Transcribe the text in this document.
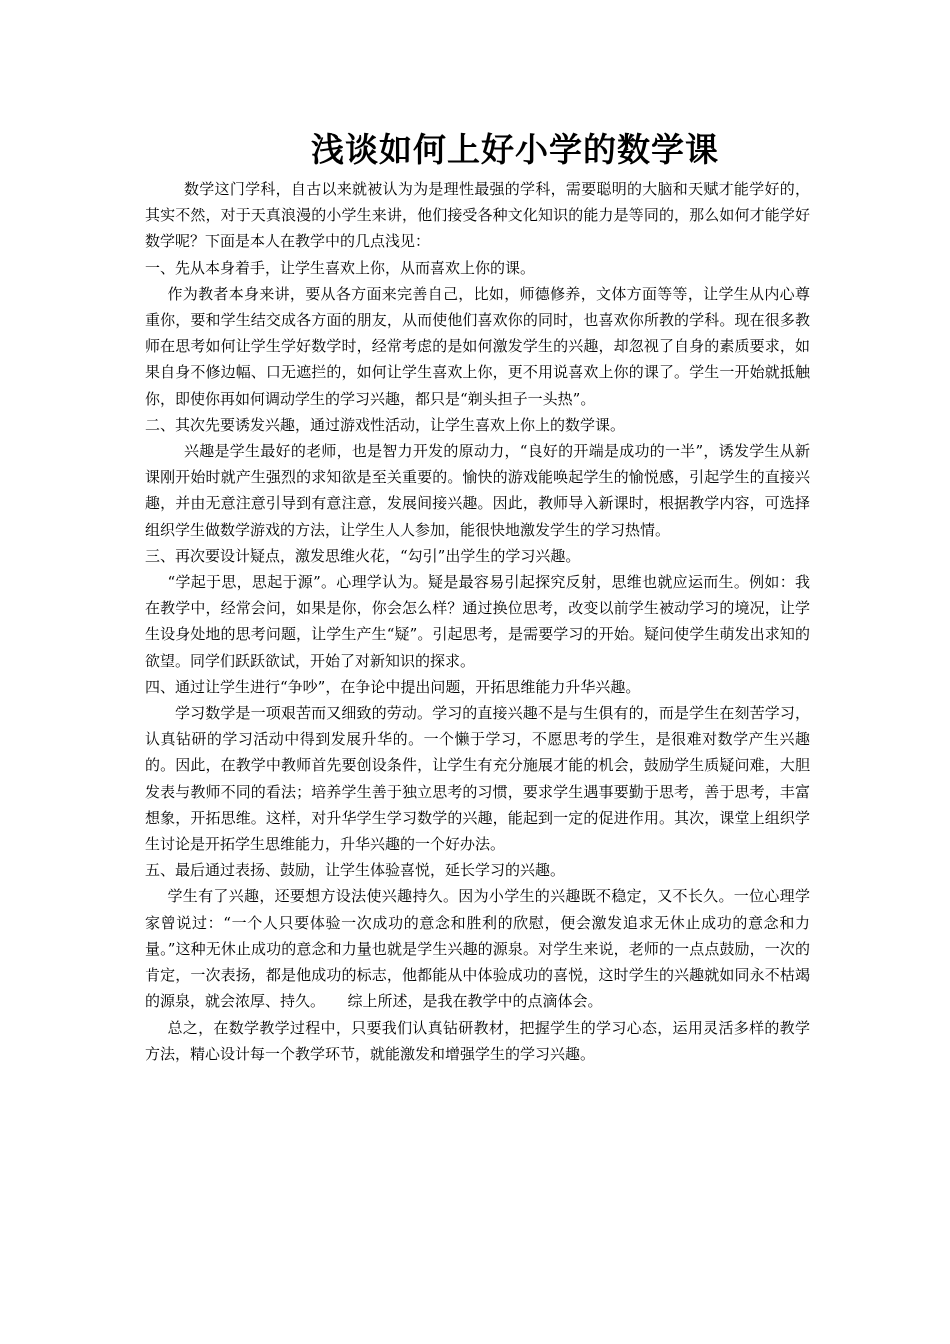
浅谈如何上好小学的数学课

数学这门学科，自古以来就被认为为是理性最强的学科，需要聪明的大脑和天赋才能学好的，其实不然，对于天真浪漫的小学生来讲，他们接受各种文化知识的能力是等同的，那么如何才能学好数学呢？下面是本人在教学中的几点浅见：

一、先从本身着手，让学生喜欢上你，从而喜欢上你的课。

作为教者本身来讲，要从各方面来完善自己，比如，师德修养，文体方面等等，让学生从内心尊重你，要和学生结交成各方面的朋友，从而使他们喜欢你的同时，也喜欢你所教的学科。现在很多教师在思考如何让学生学好数学时，经常考虑的是如何激发学生的兴趣，却忽视了自身的素质要求，如果自身不修边幅、口无遮拦的，如何让学生喜欢上你，更不用说喜欢上你的课了。学生一开始就抵触你，即使你再如何调动学生的学习兴趣，都只是“剃头担子一头热”。

二、其次先要诱发兴趣，通过游戏性活动，让学生喜欢上你上的数学课。

兴趣是学生最好的老师，也是智力开发的原动力，“良好的开端是成功的一半”，诱发学生从新课刚开始时就产生强烈的求知欲是至关重要的。愉快的游戏能唤起学生的愉悦感，引起学生的直接兴趣，并由无意注意引导到有意注意，发展间接兴趣。因此，教师导入新课时，根据教学内容，可选择组织学生做数学游戏的方法，让学生人人参加，能很快地激发学生的学习热情。

三、再次要设计疑点，激发思维火花，“勾引”出学生的学习兴趣。

“学起于思，思起于源”。心理学认为。疑是最容易引起探究反射，思维也就应运而生。例如：我在教学中，经常会问，如果是你，你会怎么样？通过换位思考，改变以前学生被动学习的境况，让学生设身处地的思考问题，让学生产生“疑”。引起思考，是需要学习的开始。疑问使学生萌发出求知的欲望。同学们跃跃欲试，开始了对新知识的探求。

四、通过让学生进行“争吵”，在争论中提出问题，开拓思维能力升华兴趣。

学习数学是一项艰苦而又细致的劳动。学习的直接兴趣不是与生俱有的，而是学生在刻苦学习，认真钻研的学习活动中得到发展升华的。一个懒于学习，不愿思考的学生，是很难对数学产生兴趣的。因此，在教学中教师首先要创设条件，让学生有充分施展才能的机会，鼓励学生质疑问难，大胆发表与教师不同的看法；培养学生善于独立思考的习惯，要求学生遇事要勤于思考，善于思考，丰富想象，开拓思维。这样，对升华学生学习数学的兴趣，能起到一定的促进作用。其次，课堂上组织学生讨论是开拓学生思维能力，升华兴趣的一个好办法。

五、最后通过表扬、鼓励，让学生体验喜悦，延长学习的兴趣。

学生有了兴趣，还要想方设法使兴趣持久。因为小学生的兴趣既不稳定，又不长久。一位心理学家曾说过：“一个人只要体验一次成功的意念和胜利的欣慰，便会激发追求无休止成功的意念和力量。”这种无休止成功的意念和力量也就是学生兴趣的源泉。对学生来说，老师的一点点鼓励，一次的肯定，一次表扬，都是他成功的标志，他都能从中体验成功的喜悦，这时学生的兴趣就如同永不枯竭的源泉，就会浓厚、持久。　　综上所述，是我在教学中的点滴体会。

总之，在数学教学过程中，只要我们认真钻研教材，把握学生的学习心态，运用灵活多样的教学方法，精心设计每一个教学环节，就能激发和增强学生的学习兴趣。
